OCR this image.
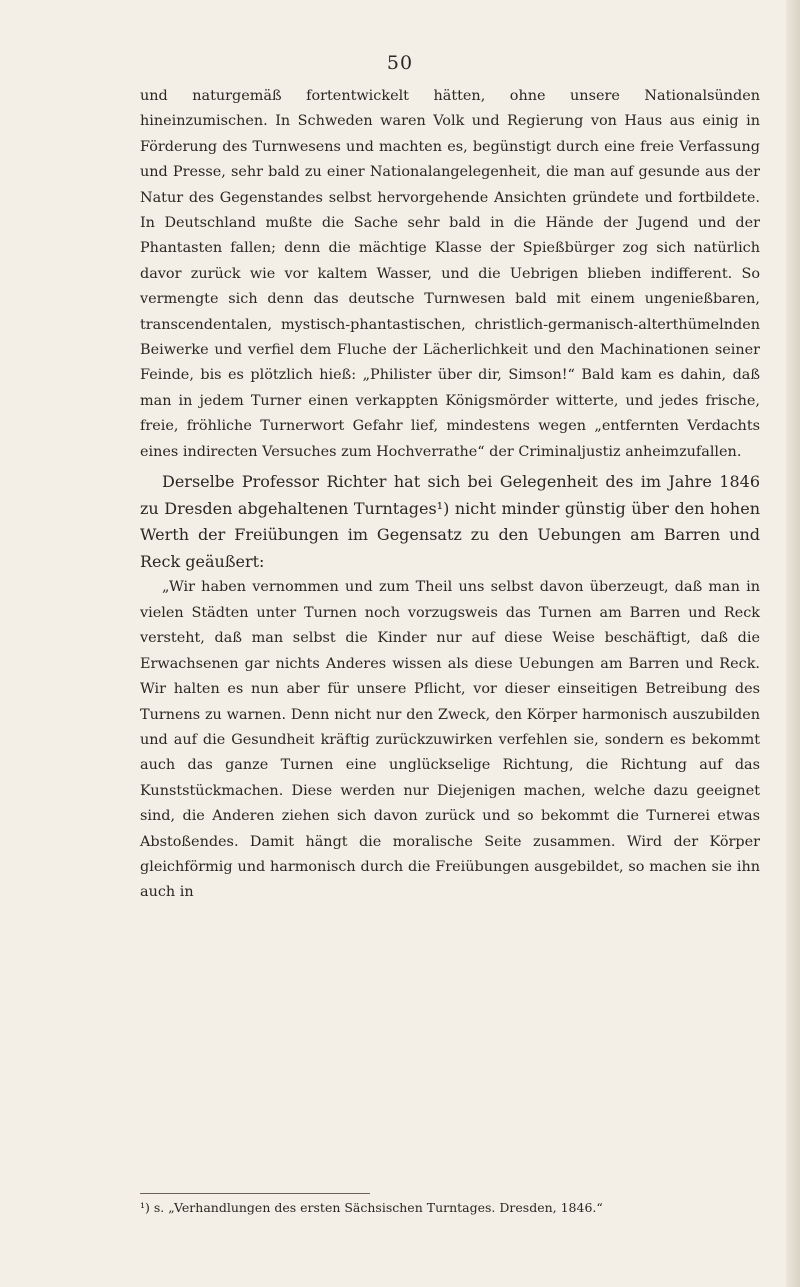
50

und naturgemäß fortentwickelt hätten, ohne unsere Nationalsünden hineinzumischen. In Schweden waren Volk und Regierung von Haus aus einig in Förderung des Turnwesens und machten es, begünstigt durch eine freie Verfassung und Presse, sehr bald zu einer Nationalangelegenheit, die man auf gesunde aus der Natur des Gegenstandes selbst hervorgehende Ansichten gründete und fortbildete. In Deutschland mußte die Sache sehr bald in die Hände der Jugend und der Phantasten fallen; denn die mächtige Klasse der Spießbürger zog sich natürlich davor zurück wie vor kaltem Wasser, und die Uebrigen blieben indifferent. So vermengte sich denn das deutsche Turnwesen bald mit einem ungenießbaren, transcendentalen, mystisch-phantastischen, christlich-germanisch-alterthümelnden Beiwerke und verfiel dem Fluche der Lächerlichkeit und den Machinationen seiner Feinde, bis es plötzlich hieß: „Philister über dir, Simson!“ Bald kam es dahin, daß man in jedem Turner einen verkappten Königsmörder witterte, und jedes frische, freie, fröhliche Turnerwort Gefahr lief, mindestens wegen „entfernten Verdachts eines indirecten Versuches zum Hochverrathe“ der Criminaljustiz anheimzufallen.

Derselbe Professor Richter hat sich bei Gelegenheit des im Jahre 1846 zu Dresden abgehaltenen Turntages¹) nicht minder günstig über den hohen Werth der Freiübungen im Gegensatz zu den Uebungen am Barren und Reck geäußert:

„Wir haben vernommen und zum Theil uns selbst davon überzeugt, daß man in vielen Städten unter Turnen noch vorzugsweis das Turnen am Barren und Reck versteht, daß man selbst die Kinder nur auf diese Weise beschäftigt, daß die Erwachsenen gar nichts Anderes wissen als diese Uebungen am Barren und Reck. Wir halten es nun aber für unsere Pflicht, vor dieser einseitigen Betreibung des Turnens zu warnen. Denn nicht nur den Zweck, den Körper harmonisch auszubilden und auf die Gesundheit kräftig zurückzuwirken verfehlen sie, sondern es bekommt auch das ganze Turnen eine unglückselige Richtung, die Richtung auf das Kunststückmachen. Diese werden nur Diejenigen machen, welche dazu geeignet sind, die Anderen ziehen sich davon zurück und so bekommt die Turnerei etwas Abstoßendes. Damit hängt die moralische Seite zusammen. Wird der Körper gleichförmig und harmonisch durch die Freiübungen ausgebildet, so machen sie ihn auch in

¹) s. „Verhandlungen des ersten Sächsischen Turntages. Dresden, 1846.“
